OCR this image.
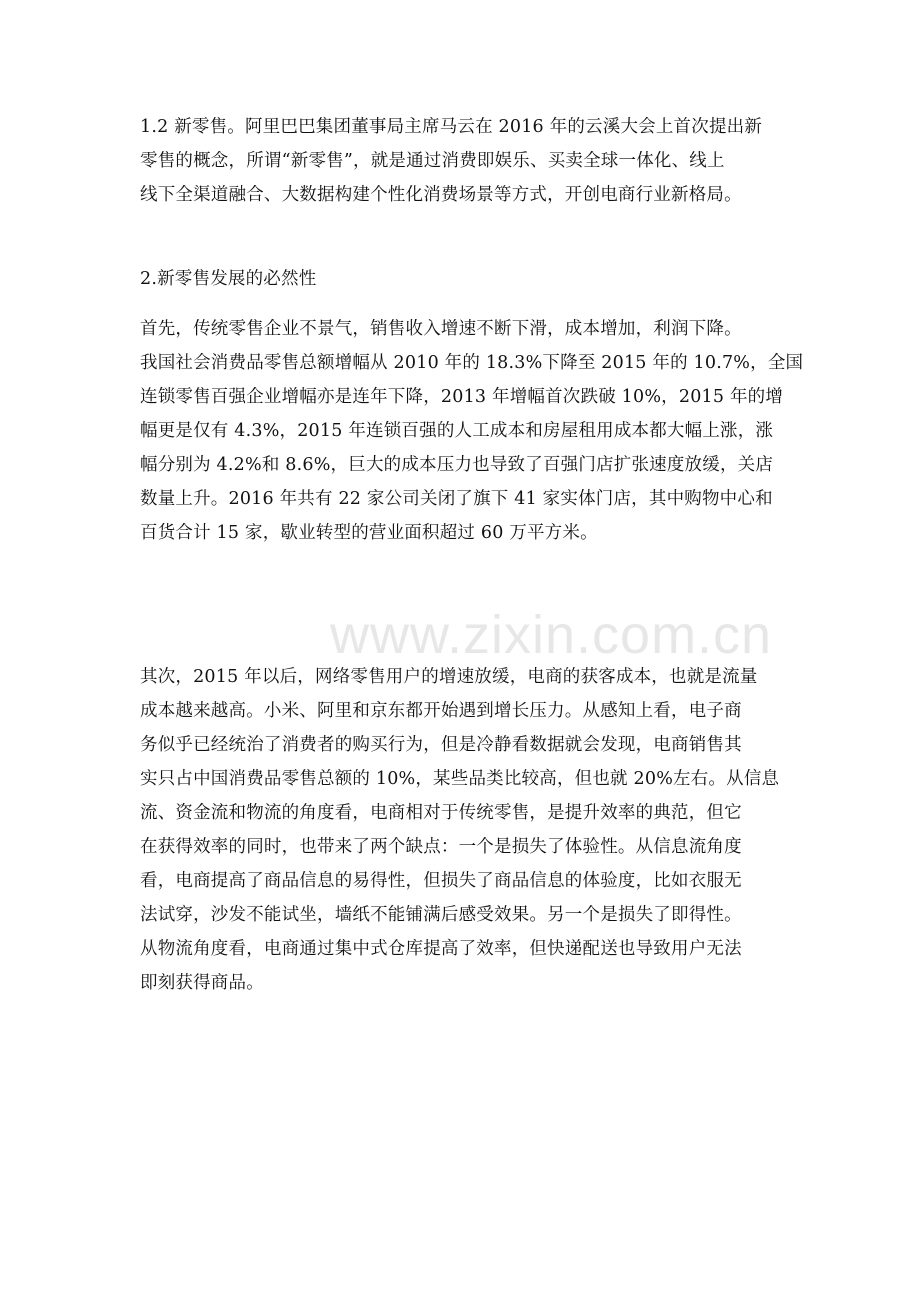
1.2 新零售。阿里巴巴集团董事局主席马云在 2016 年的云溪大会上首次提出新
零售的概念，所谓“新零售”，就是通过消费即娱乐、买卖全球一体化、线上
线下全渠道融合、大数据构建个性化消费场景等方式，开创电商行业新格局。
2.新零售发展的必然性
首先，传统零售企业不景气，销售收入增速不断下滑，成本增加，利润下降。
我国社会消费品零售总额增幅从 2010 年的 18.3%下降至 2015 年的 10.7%，全国
连锁零售百强企业增幅亦是连年下降，2013 年增幅首次跌破 10%，2015 年的增
幅更是仅有 4.3%，2015 年连锁百强的人工成本和房屋租用成本都大幅上涨，涨
幅分别为 4.2%和 8.6%，巨大的成本压力也导致了百强门店扩张速度放缓，关店
数量上升。2016 年共有 22 家公司关闭了旗下 41 家实体门店，其中购物中心和
百货合计 15 家，歇业转型的营业面积超过 60 万平方米。
其次，2015 年以后，网络零售用户的增速放缓，电商的获客成本，也就是流量
成本越来越高。小米、阿里和京东都开始遇到增长压力。从感知上看，电子商
务似乎已经统治了消费者的购买行为，但是冷静看数据就会发现，电商销售其
实只占中国消费品零售总额的 10%，某些品类比较高，但也就 20%左右。从信息
流、资金流和物流的角度看，电商相对于传统零售，是提升效率的典范，但它
在获得效率的同时，也带来了两个缺点：一个是损失了体验性。从信息流角度
看，电商提高了商品信息的易得性，但损失了商品信息的体验度，比如衣服无
法试穿，沙发不能试坐，墙纸不能铺满后感受效果。另一个是损失了即得性。
从物流角度看，电商通过集中式仓库提高了效率，但快递配送也导致用户无法
即刻获得商品。
www.zixin.com.cn
